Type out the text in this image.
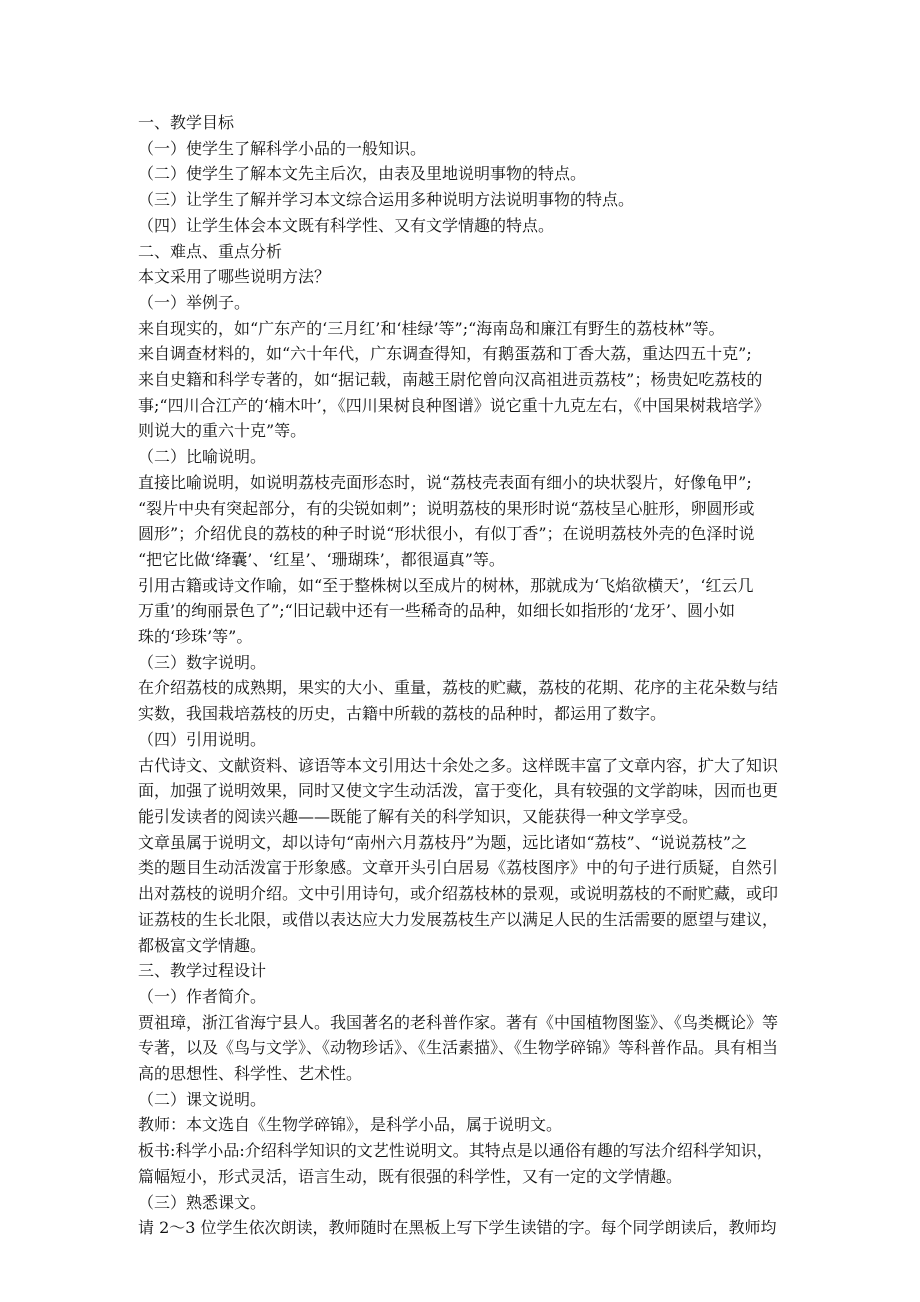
一、教学目标
（一）使学生了解科学小品的一般知识。
（二）使学生了解本文先主后次，由表及里地说明事物的特点。
（三）让学生了解并学习本文综合运用多种说明方法说明事物的特点。
（四）让学生体会本文既有科学性、又有文学情趣的特点。
二、难点、重点分析
本文采用了哪些说明方法？
（一）举例子。
来自现实的，如“广东产的‘三月红’和‘桂绿’等”;“海南岛和廉江有野生的荔枝林”等。
来自调查材料的，如“六十年代，广东调查得知，有鹅蛋荔和丁香大荔，重达四五十克”;
来自史籍和科学专著的，如“据记载，南越王尉佗曾向汉高祖进贡荔枝”；杨贵妃吃荔枝的
事;“四川合江产的‘楠木叶’，《四川果树良种图谱》说它重十九克左右，《中国果树栽培学》
则说大的重六十克”等。
（二）比喻说明。
直接比喻说明，如说明荔枝壳面形态时，说“荔枝壳表面有细小的块状裂片，好像龟甲”;
“裂片中央有突起部分，有的尖锐如刺”；说明荔枝的果形时说“荔枝呈心脏形，卵圆形或
圆形”；介绍优良的荔枝的种子时说“形状很小，有似丁香”；在说明荔枝外壳的色泽时说
“把它比做‘绛囊’、‘红星’、‘珊瑚珠’，都很逼真”等。
引用古籍或诗文作喻，如“至于整株树以至成片的树林，那就成为‘飞焰欲横天’，‘红云几
万重’的绚丽景色了”;“旧记载中还有一些稀奇的品种，如细长如指形的‘龙牙’、圆小如
珠的‘珍珠’等”。
（三）数字说明。
在介绍荔枝的成熟期，果实的大小、重量，荔枝的贮藏，荔枝的花期、花序的主花朵数与结
实数，我国栽培荔枝的历史，古籍中所载的荔枝的品种时，都运用了数字。
（四）引用说明。
古代诗文、文献资料、谚语等本文引用达十余处之多。这样既丰富了文章内容，扩大了知识
面，加强了说明效果，同时又使文字生动活泼，富于变化，具有较强的文学韵味，因而也更
能引发读者的阅读兴趣——既能了解有关的科学知识，又能获得一种文学享受。
文章虽属于说明文，却以诗句“南州六月荔枝丹”为题，远比诸如“荔枝”、“说说荔枝”之
类的题目生动活泼富于形象感。文章开头引白居易《荔枝图序》中的句子进行质疑，自然引
出对荔枝的说明介绍。文中引用诗句，或介绍荔枝林的景观，或说明荔枝的不耐贮藏，或印
证荔枝的生长北限，或借以表达应大力发展荔枝生产以满足人民的生活需要的愿望与建议，
都极富文学情趣。
三、教学过程设计
（一）作者简介。
贾祖璋，浙江省海宁县人。我国著名的老科普作家。著有《中国植物图鉴》、《鸟类概论》等
专著，以及《鸟与文学》、《动物珍话》、《生活素描》、《生物学碎锦》等科普作品。具有相当
高的思想性、科学性、艺术性。
（二）课文说明。
教师：本文选自《生物学碎锦》，是科学小品，属于说明文。
板书:科学小品:介绍科学知识的文艺性说明文。其特点是以通俗有趣的写法介绍科学知识，
篇幅短小，形式灵活，语言生动，既有很强的科学性，又有一定的文学情趣。
（三）熟悉课文。
请 2～3 位学生依次朗读，教师随时在黑板上写下学生读错的字。每个同学朗读后，教师均
